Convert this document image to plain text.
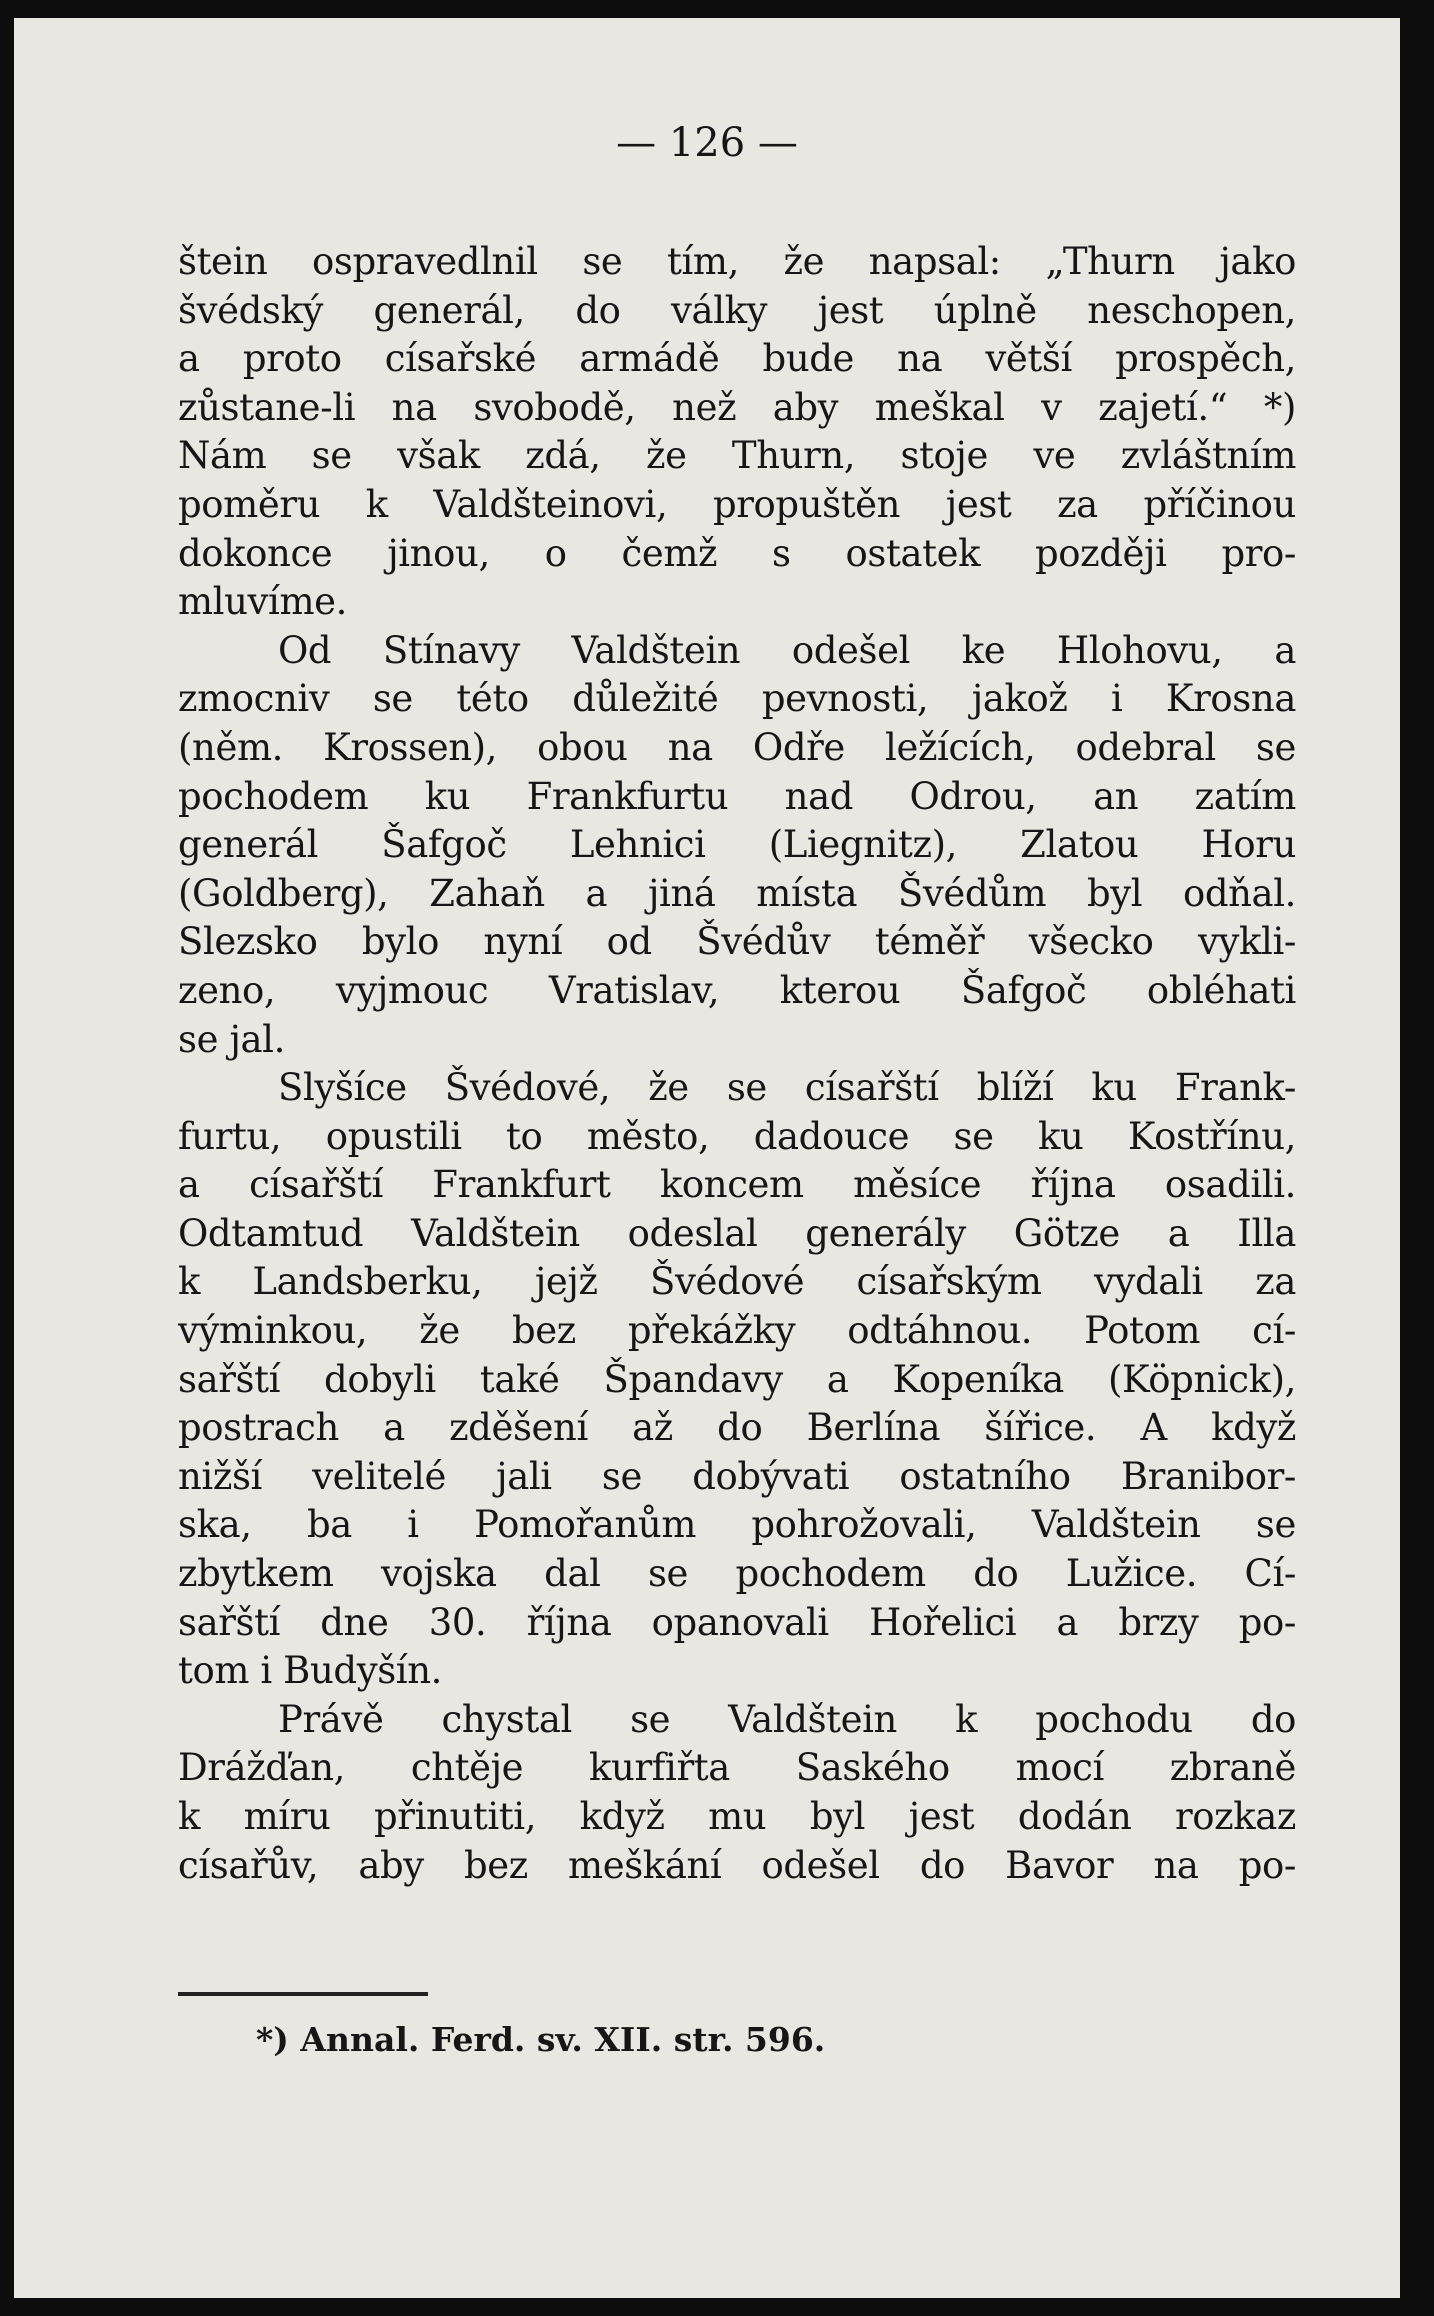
— 126 —
štein ospravedlnil se tím, že napsal: „Thurn jako
švédský generál, do války jest úplně neschopen,
a proto císařské armádě bude na větší prospěch,
zůstane-li na svobodě, než aby meškal v zajetí.“ *)
Nám se však zdá, že Thurn, stoje ve zvláštním
poměru k Valdšteinovi, propuštěn jest za příčinou
dokonce jinou, o čemž s ostatek později pro-
mluvíme.
Od Stínavy Valdštein odešel ke Hlohovu, a
zmocniv se této důležité pevnosti, jakož i Krosna
(něm. Krossen), obou na Odře ležících, odebral se
pochodem ku Frankfurtu nad Odrou, an zatím
generál Šafgoč Lehnici (Liegnitz), Zlatou Horu
(Goldberg), Zahaň a jiná místa Švédům byl odňal.
Slezsko bylo nyní od Švédův téměř všecko vykli-
zeno, vyjmouc Vratislav, kterou Šafgoč obléhati
se jal.
Slyšíce Švédové, že se císařští blíží ku Frank-
furtu, opustili to město, dadouce se ku Kostřínu,
a císařští Frankfurt koncem měsíce října osadili.
Odtamtud Valdštein odeslal generály Götze a Illa
k Landsberku, jejž Švédové císařským vydali za
výminkou, že bez překážky odtáhnou. Potom cí-
sařští dobyli také Špandavy a Kopeníka (Köpnick),
postrach a zděšení až do Berlína šířice. A když
nižší velitelé jali se dobývati ostatního Branibor-
ska, ba i Pomořanům pohrožovali, Valdštein se
zbytkem vojska dal se pochodem do Lužice. Cí-
sařští dne 30. října opanovali Hořelici a brzy po-
tom i Budyšín.
Právě chystal se Valdštein k pochodu do
Drážďan, chtěje kurfiřta Saského mocí zbraně
k míru přinutiti, když mu byl jest dodán rozkaz
císařův, aby bez meškání odešel do Bavor na po-
*) Annal. Ferd. sv. XII. str. 596.
